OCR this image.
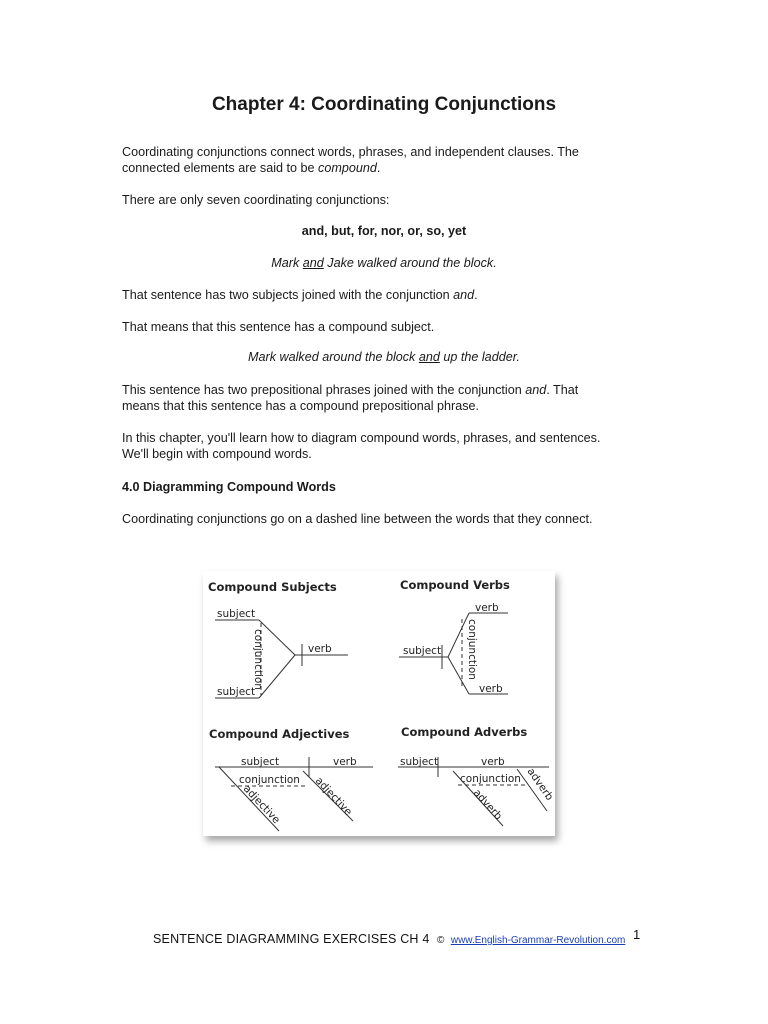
Chapter 4: Coordinating Conjunctions
Coordinating conjunctions connect words, phrases, and independent clauses. The
connected elements are said to be compound.
There are only seven coordinating conjunctions:
and, but, for, nor, or, so, yet
Mark and Jake walked around the block.
That sentence has two subjects joined with the conjunction and.
That means that this sentence has a compound subject.
Mark walked around the block and up the ladder.
This sentence has two prepositional phrases joined with the conjunction and. That
means that this sentence has a compound prepositional phrase.
In this chapter, you'll learn how to diagram compound words, phrases, and sentences.
We'll begin with compound words.
4.0 Diagramming Compound Words
Coordinating conjunctions go on a dashed line between the words that they connect.
Compound Subjects
subject
subject
conjunction	verb
Compound Verbs
subject
verb
verb
conjunction
Compound Adjectives
subject	verb
conjunction
adjective	adjective
Compound Adverbs
subject	verb
conjunction
adverb
adverb
SENTENCE DIAGRAMMING EXERCISES CH 4 © www.English-Grammar-Revolution.com 1
